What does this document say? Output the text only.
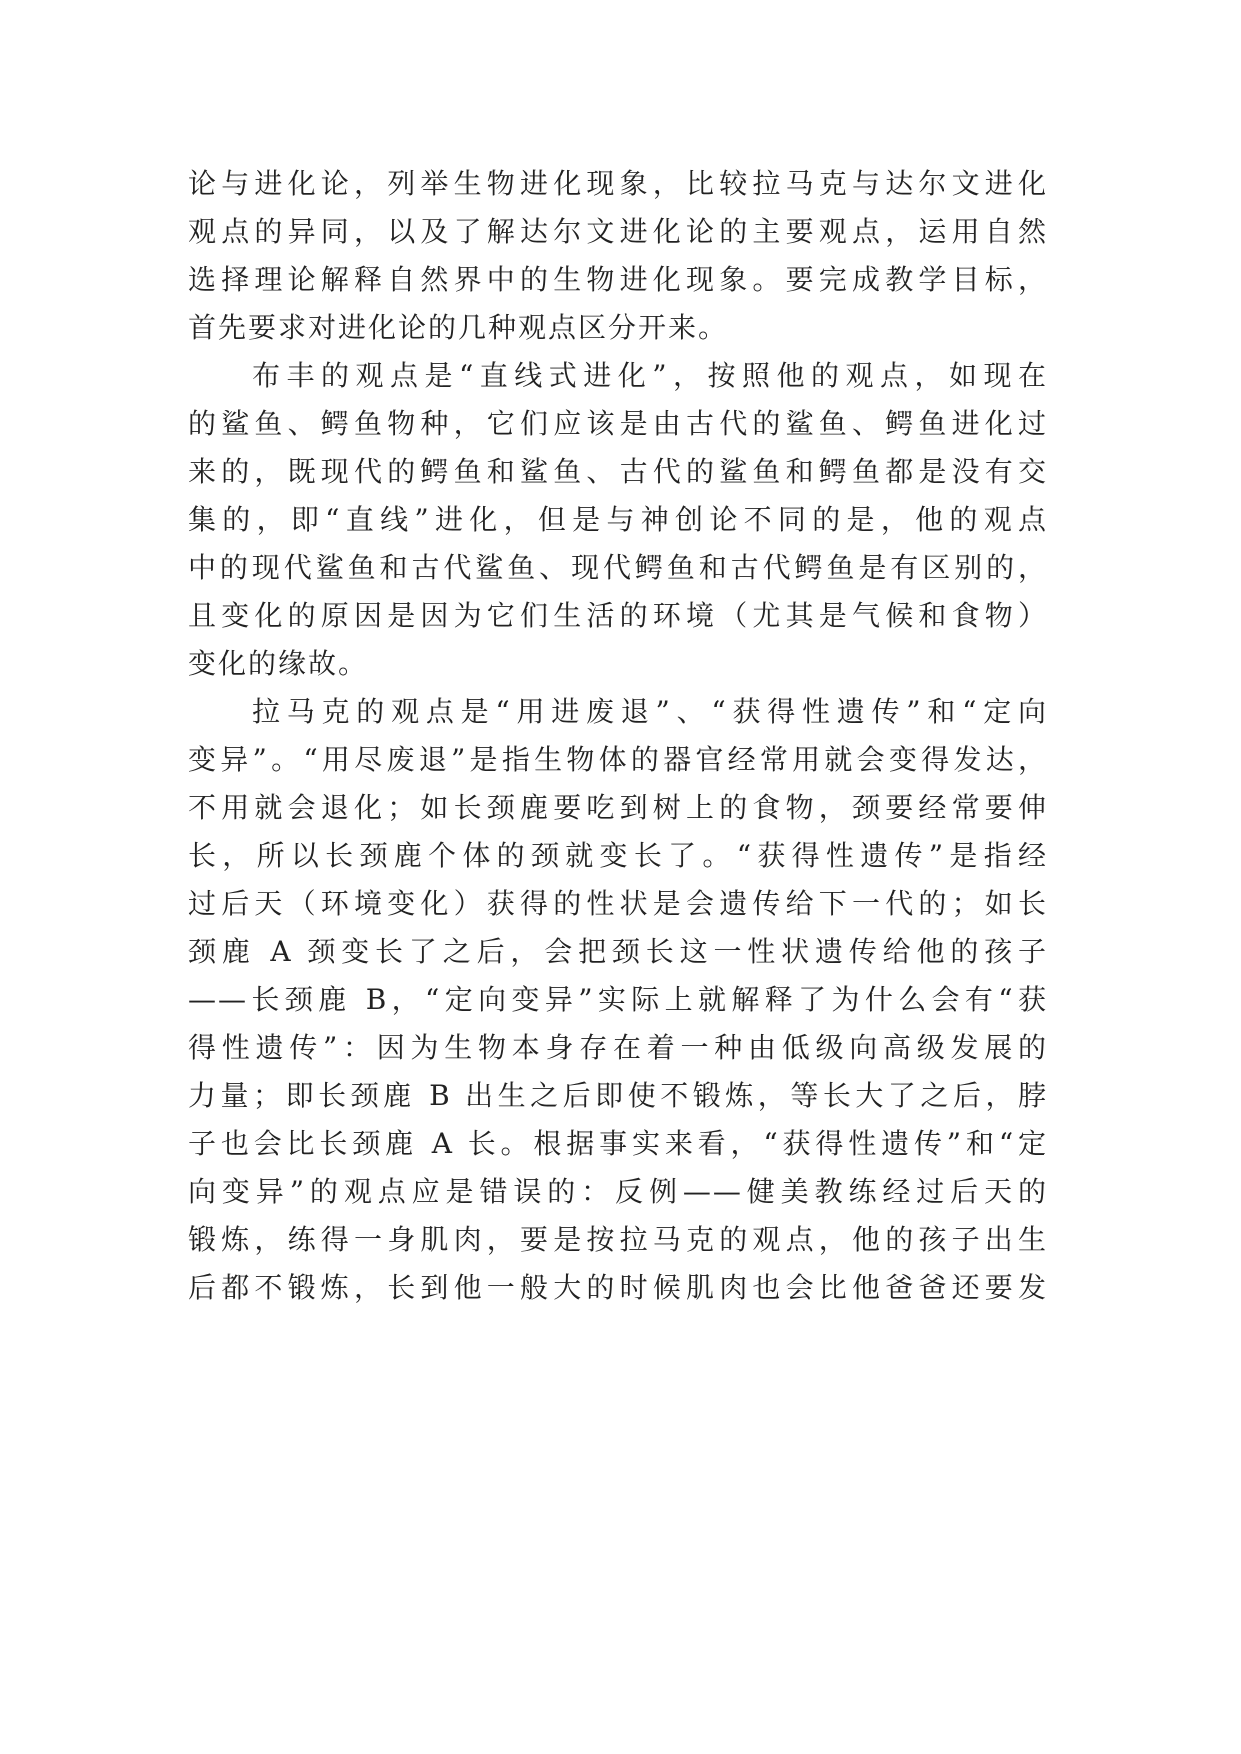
论与进化论，列举生物进化现象，比较拉马克与达尔文进化
观点的异同，以及了解达尔文进化论的主要观点，运用自然
选择理论解释自然界中的生物进化现象。要完成教学目标，
首先要求对进化论的几种观点区分开来。
布丰的观点是“直线式进化”，按照他的观点，如现在
的鲨鱼、鳄鱼物种，它们应该是由古代的鲨鱼、鳄鱼进化过
来的，既现代的鳄鱼和鲨鱼、古代的鲨鱼和鳄鱼都是没有交
集的，即“直线”进化，但是与神创论不同的是，他的观点
中的现代鲨鱼和古代鲨鱼、现代鳄鱼和古代鳄鱼是有区别的，
且变化的原因是因为它们生活的环境（尤其是气候和食物）
变化的缘故。
拉马克的观点是“用进废退”、“获得性遗传”和“定向
变异”。“用尽废退”是指生物体的器官经常用就会变得发达，
不用就会退化；如长颈鹿要吃到树上的食物，颈要经常要伸
长，所以长颈鹿个体的颈就变长了。“获得性遗传”是指经
过后天（环境变化）获得的性状是会遗传给下一代的；如长
颈鹿 A 颈变长了之后，会把颈长这一性状遗传给他的孩子
——长颈鹿 B，“定向变异”实际上就解释了为什么会有“获
得性遗传”：因为生物本身存在着一种由低级向高级发展的
力量；即长颈鹿 B 出生之后即使不锻炼，等长大了之后，脖
子也会比长颈鹿 A 长。根据事实来看，“获得性遗传”和“定
向变异”的观点应是错误的：反例——健美教练经过后天的
锻炼，练得一身肌肉，要是按拉马克的观点，他的孩子出生
后都不锻炼，长到他一般大的时候肌肉也会比他爸爸还要发
